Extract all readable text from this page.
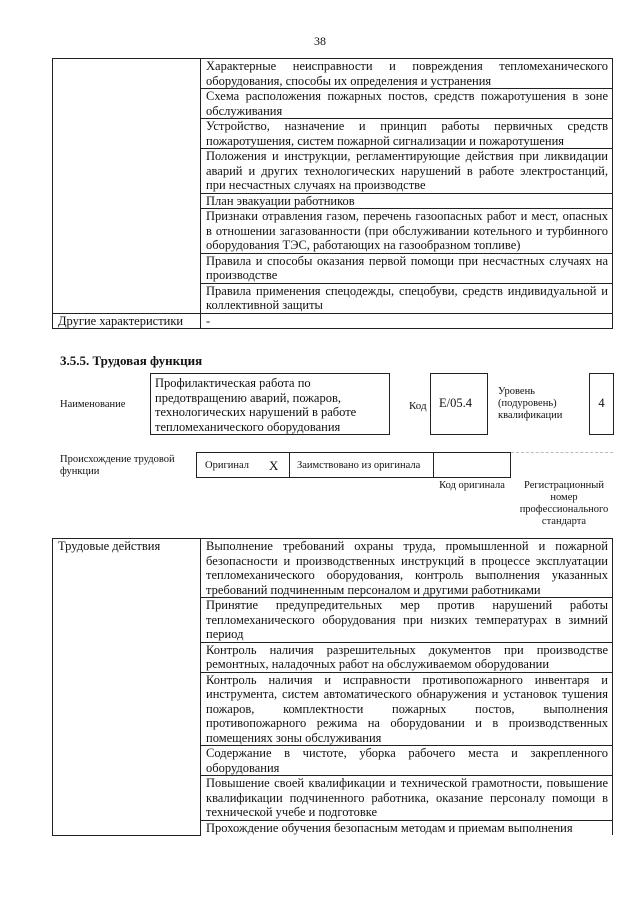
38
	Характерные неисправности и повреждения тепломеханического оборудования, способы их определения и устранения
	Схема расположения пожарных постов, средств пожаротушения в зоне обслуживания
	Устройство, назначение и принцип работы первичных средств пожаротушения, систем пожарной сигнализации и пожаротушения
	Положения и инструкции, регламентирующие действия при ликвидации аварий и других технологических нарушений в работе электростанций, при несчастных случаях на производстве
	План эвакуации работников
	Признаки отравления газом, перечень газоопасных работ и мест, опасных в отношении загазованности (при обслуживании котельного и турбинного оборудования ТЭС, работающих на газообразном топливе)
	Правила и способы оказания первой помощи при несчастных случаях на производстве
	Правила применения спецодежды, спецобуви, средств индивидуальной и коллективной защиты
Другие характеристики	-
3.5.5. Трудовая функция
Наименование
Профилактическая работа по предотвращению аварий, пожаров, технологических нарушений в работе тепломеханического оборудования
Код E/05.4
Уровень (подуровень) квалификации
4
Происхождение трудовой функции
Оригинал X Заимствовано из оригинала
Код оригинала	Регистрационный номер профессионального стандарта
Трудовые действия	Выполнение требований охраны труда, промышленной и пожарной безопасности и производственных инструкций в процессе эксплуатации тепломеханического оборудования, контроль выполнения указанных требований подчиненным персоналом и другими работниками
Принятие предупредительных мер против нарушений работы тепломеханического оборудования при низких температурах в зимний период
Контроль наличия разрешительных документов при производстве ремонтных, наладочных работ на обслуживаемом оборудовании
Контроль наличия и исправности противопожарного инвентаря и инструмента, систем автоматического обнаружения и установок тушения пожаров, комплектности пожарных постов, выполнения противопожарного режима на оборудовании и в производственных помещениях зоны обслуживания
Содержание в чистоте, уборка рабочего места и закрепленного оборудования
Повышение своей квалификации и технической грамотности, повышение квалификации подчиненного работника, оказание персоналу помощи в технической учебе и подготовке
Прохождение обучения безопасным методам и приемам выполнения
